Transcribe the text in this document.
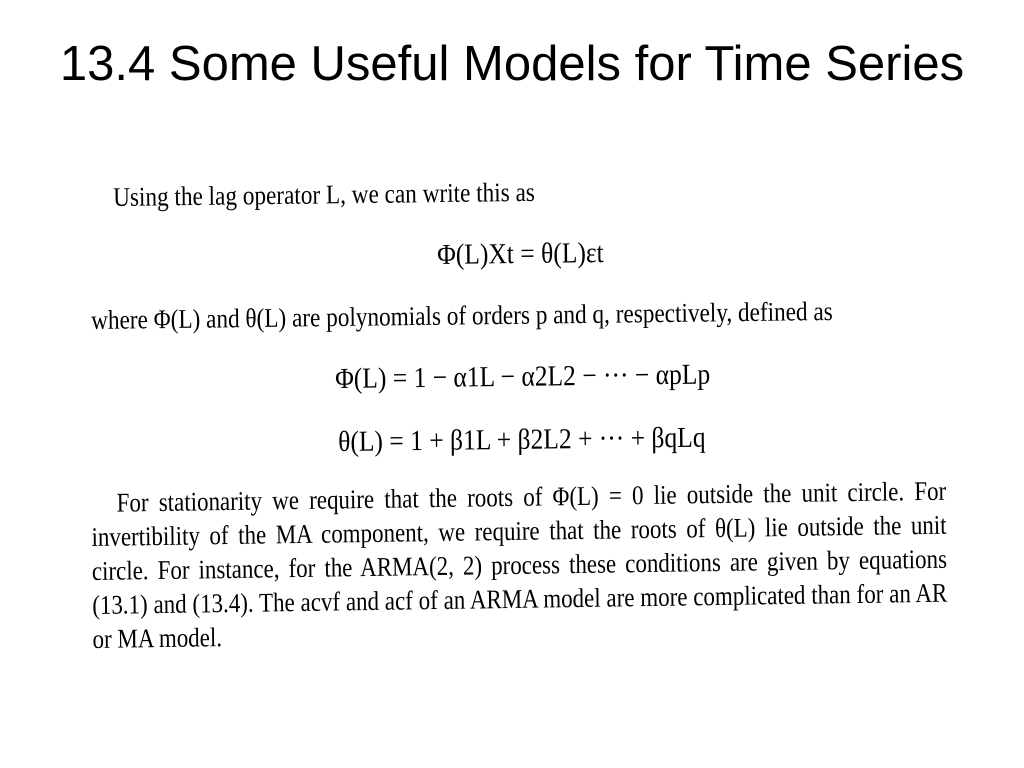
13.4 Some Useful Models for Time Series

Using the lag operator L, we can write this as

Φ(L)Xt = θ(L)εt

where Φ(L) and θ(L) are polynomials of orders p and q, respectively, defined as

Φ(L) = 1 − α1L − α2L2 − ··· − αpLp
θ(L) = 1 + β1L + β2L2 + ··· + βqLq

For stationarity we require that the roots of Φ(L) = 0 lie outside the unit circle. For invertibility of the MA component, we require that the roots of θ(L) lie outside the unit circle. For instance, for the ARMA(2, 2) process these conditions are given by equations (13.1) and (13.4). The acvf and acf of an ARMA model are more complicated than for an AR or MA model.
